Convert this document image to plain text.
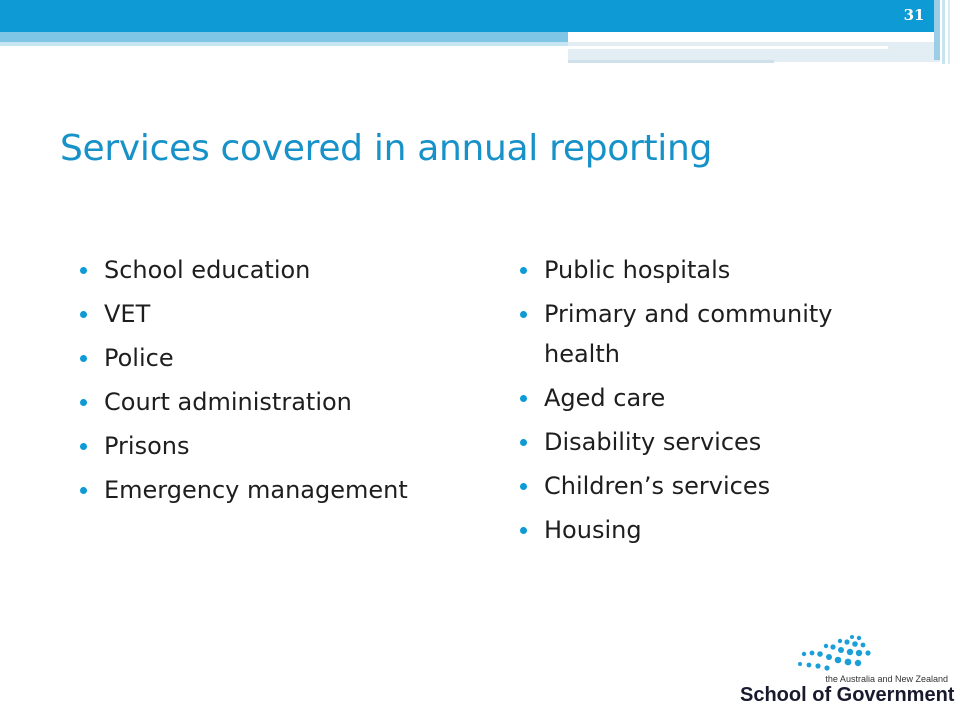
31
Services covered in annual reporting
School education
VET
Police
Court administration
Prisons
Emergency management
Public hospitals
Primary and community health
Aged care
Disability services
Children’s services
Housing
the Australia and New Zealand
School of Government
